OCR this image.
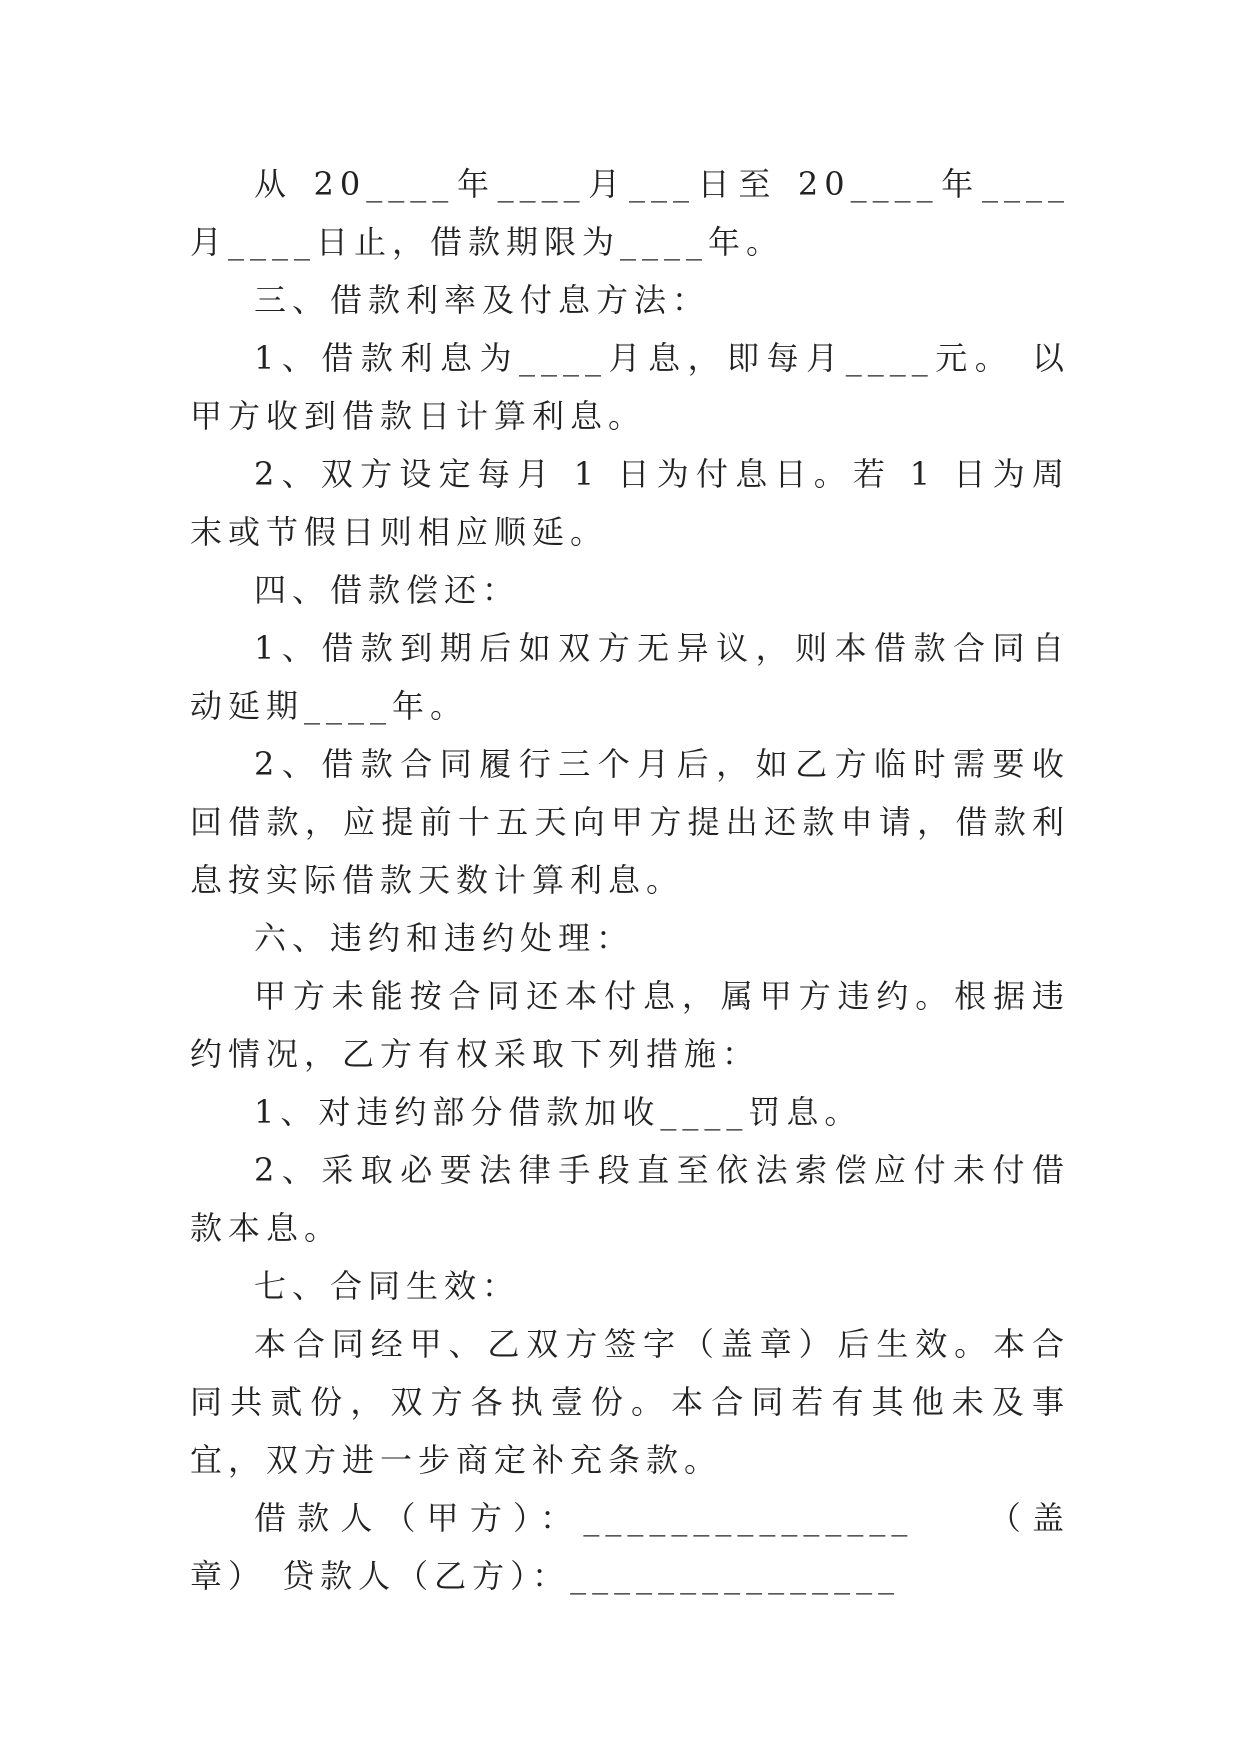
从 20____年____月___日至 20____年____月____日止，借款期限为____年。

三、借款利率及付息方法：

1、借款利息为____月息，即每月____元。 以甲方收到借款日计算利息。

2、双方设定每月 1 日为付息日。若 1 日为周末或节假日则相应顺延。

四、借款偿还：

1、借款到期后如双方无异议，则本借款合同自动延期____年。

2、借款合同履行三个月后，如乙方临时需要收回借款，应提前十五天向甲方提出还款申请，借款利息按实际借款天数计算利息。

六、违约和违约处理：

甲方未能按合同还本付息，属甲方违约。根据违约情况，乙方有权采取下列措施：

1、对违约部分借款加收____罚息。

2、采取必要法律手段直至依法索偿应付未付借款本息。

七、合同生效：

本合同经甲、乙双方签字（盖章）后生效。本合同共贰份，双方各执壹份。本合同若有其他未及事宜，双方进一步商定补充条款。

借款人（甲方）：_______________　　（盖章） 贷款人（乙方）：_______________
